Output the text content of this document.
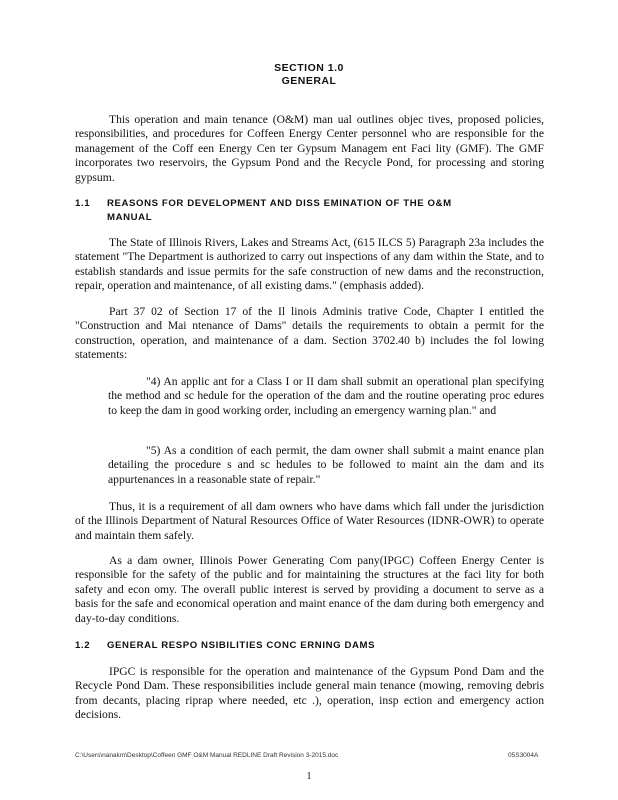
SECTION 1.0
GENERAL

This operation and main tenance (O&M) man ual outlines objec tives, proposed policies, responsibilities, and procedures for Coffeen Energy Center personnel who are responsible for the management of the Coff een Energy Cen ter Gypsum Managem ent Faci lity (GMF). The GMF incorporates two reservoirs, the Gypsum Pond and the Recycle Pond, for processing and storing gypsum.

1.1 REASONS FOR DEVELOPMENT AND DISS EMINATION OF THE O&M
MANUAL

The State of Illinois Rivers, Lakes and Streams Act, (615 ILCS 5) Paragraph 23a includes the statement "The Department is authorized to carry out inspections of any dam within the State, and to establish standards and issue permits for the safe construction of new dams and the reconstruction, repair, operation and maintenance, of all existing dams." (emphasis added).

Part 37 02 of Section 17 of the Il linois Adminis trative Code, Chapter I entitled the "Construction and Mai ntenance of Dams" details the requirements to obtain a permit for the construction, operation, and maintenance of a dam. Section 3702.40 b) includes the fol lowing statements:

"4) An applic ant for a Class I or II dam shall submit an operational plan specifying the method and sc hedule for the operation of the dam and the routine operating proc edures to keep the dam in good working order, including an emergency warning plan." and

"5) As a condition of each permit, the dam owner shall submit a maint enance plan detailing the procedure s and sc hedules to be followed to maint ain the dam and its appurtenances in a reasonable state of repair."

Thus, it is a requirement of all dam owners who have dams which fall under the jurisdiction of the Illinois Department of Natural Resources Office of Water Resources (IDNR-OWR) to operate and maintain them safely.

As a dam owner, Illinois Power Generating Com pany(IPGC) Coffeen Energy Center is responsible for the safety of the public and for maintaining the structures at the faci lity for both safety and econ omy. The overall public interest is served by providing a document to serve as a basis for the safe and economical operation and maint enance of the dam during both emergency and day-to-day conditions.

1.2 GENERAL RESPO NSIBILITIES CONC ERNING DAMS

IPGC is responsible for the operation and maintenance of the Gypsum Pond Dam and the Recycle Pond Dam. These responsibilities include general main tenance (mowing, removing debris from decants, placing riprap where needed, etc .), operation, insp ection and emergency action decisions.

C:\Users\nanakm\Desktop\Coffeen GMF O&M Manual REDLINE Draft Revision 3-2015.doc	05S3004A
1
